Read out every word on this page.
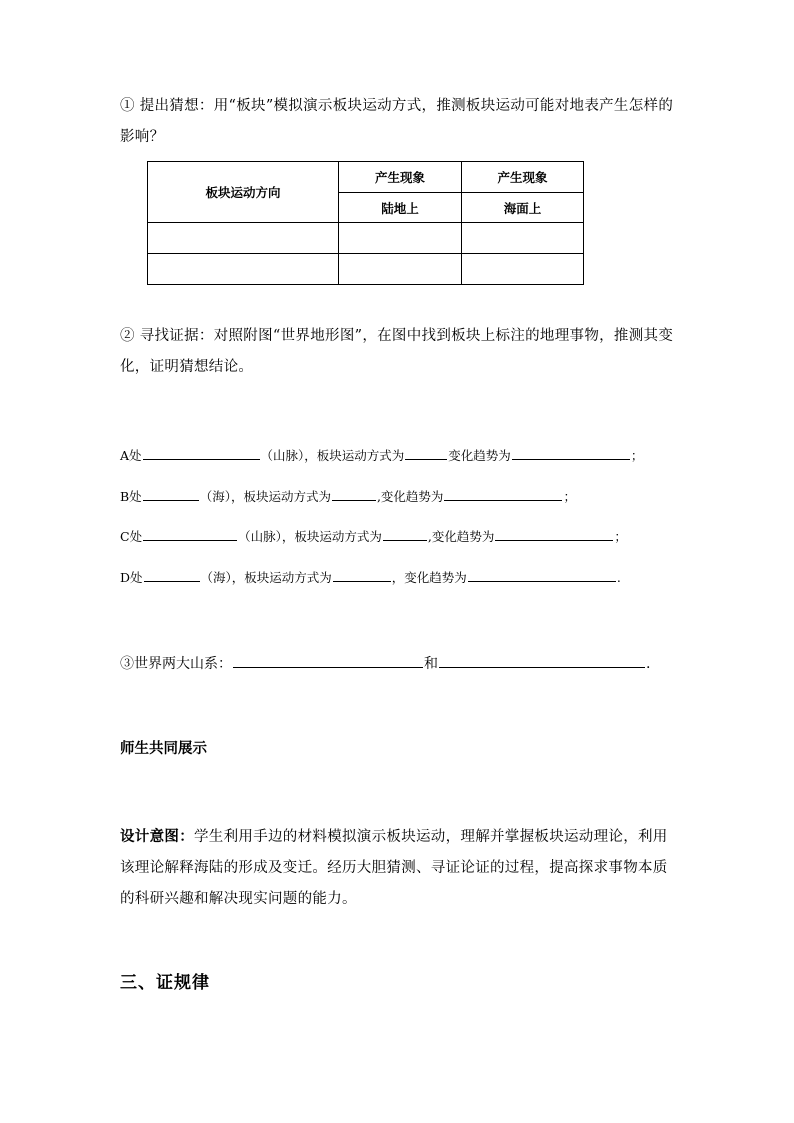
① 提出猜想：用“板块”模拟演示板块运动方式，推测板块运动可能对地表产生怎样的影响？

板块运动方向	产生现象	产生现象
	陆地上	海面上

② 寻找证据：对照附图“世界地形图”，在图中找到板块上标注的地理事物，推测其变化，证明猜想结论。

A处	（山脉），板块运动方式为	变化趋势为	；
B处	（海），板块运动方式为	,变化趋势为	；
C处	（山脉），板块运动方式为	,变化趋势为	；
D处	（海），板块运动方式为	，变化趋势为	.
③世界两大山系：	和	.
师生共同展示

设计意图：学生利用手边的材料模拟演示板块运动，理解并掌握板块运动理论，利用该理论解释海陆的形成及变迁。经历大胆猜测、寻证论证的过程，提高探求事物本质的科研兴趣和解决现实问题的能力。

三、证规律
